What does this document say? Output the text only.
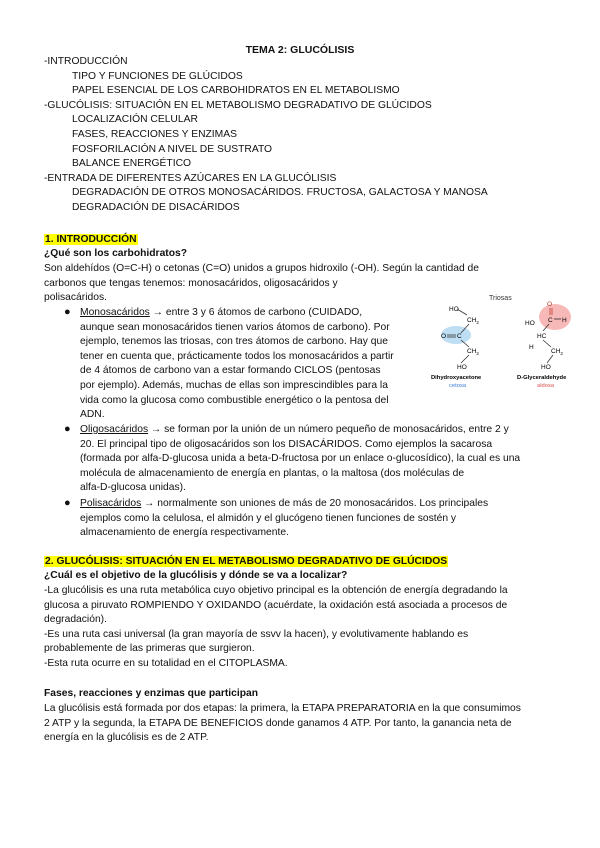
TEMA 2: GLUCÓLISIS
-INTRODUCCIÓN
TIPO Y FUNCIONES DE GLÚCIDOS
PAPEL ESENCIAL DE LOS CARBOHIDRATOS EN EL METABOLISMO
-GLUCÓLISIS: SITUACIÓN EN EL METABOLISMO DEGRADATIVO DE GLÚCIDOS
LOCALIZACIÓN CELULAR
FASES, REACCIONES Y ENZIMAS
FOSFORILACIÓN A NIVEL DE SUSTRATO
BALANCE ENERGÉTICO
-ENTRADA DE DIFERENTES AZÚCARES EN LA GLUCÓLISIS
DEGRADACIÓN DE OTROS MONOSACÁRIDOS. FRUCTOSA, GALACTOSA Y MANOSA
DEGRADACIÓN DE DISACÁRIDOS
1. INTRODUCCIÓN
¿Qué son los carbohidratos?
Son aldehídos (O=C-H) o cetonas (C=O) unidos a grupos hidroxilo (-OH). Según la cantidad de
carbonos que tengas tenemos: monosacáridos, oligosacáridos y
polisacáridos.
● Monosacáridos → entre 3 y 6 átomos de carbono (CUIDADO,
aunque sean monosacáridos tienen varios átomos de carbono). Por
ejemplo, tenemos las triosas, con tres átomos de carbono. Hay que
tener en cuenta que, prácticamente todos los monosacáridos a partir
de 4 átomos de carbono van a estar formando CICLOS (pentosas
por ejemplo). Además, muchas de ellas son imprescindibles para la
vida como la glucosa como combustible energético o la pentosa del
ADN.
Triosas
HO
$CH_2$
C
O
$CH_2$
HO
Dihydroxyacetone
cetosa
O
C H
HO
HC
H
$CH_2$
HO
D-Glyceraldehyde
aldosa
● Oligosacáridos → se forman por la unión de un número pequeño de monosacáridos, entre 2 y
20. El principal tipo de oligosacáridos son los DISACÁRIDOS. Como ejemplos la sacarosa
(formada por alfa-D-glucosa unida a beta-D-fructosa por un enlace o-glucosídico), la cual es una
molécula de almacenamiento de energía en plantas, o la maltosa (dos moléculas de
alfa-D-glucosa unidas).
● Polisacáridos → normalmente son uniones de más de 20 monosacáridos. Los principales
ejemplos como la celulosa, el almidón y el glucógeno tienen funciones de sostén y
almacenamiento de energía respectivamente.
2. GLUCÓLISIS: SITUACIÓN EN EL METABOLISMO DEGRADATIVO DE GLÚCIDOS
¿Cuál es el objetivo de la glucólisis y dónde se va a localizar?
-La glucólisis es una ruta metabólica cuyo objetivo principal es la obtención de energía degradando la
glucosa a piruvato ROMPIENDO Y OXIDANDO (acuérdate, la oxidación está asociada a procesos de
degradación).
-Es una ruta casi universal (la gran mayoría de ssvv la hacen), y evolutivamente hablando es
probablemente de las primeras que surgieron.
-Esta ruta ocurre en su totalidad en el CITOPLASMA.
Fases, reacciones y enzimas que participan
La glucólisis está formada por dos etapas: la primera, la ETAPA PREPARATORIA en la que consumimos
2 ATP y la segunda, la ETAPA DE BENEFICIOS donde ganamos 4 ATP. Por tanto, la ganancia neta de
energía en la glucólisis es de 2 ATP.
